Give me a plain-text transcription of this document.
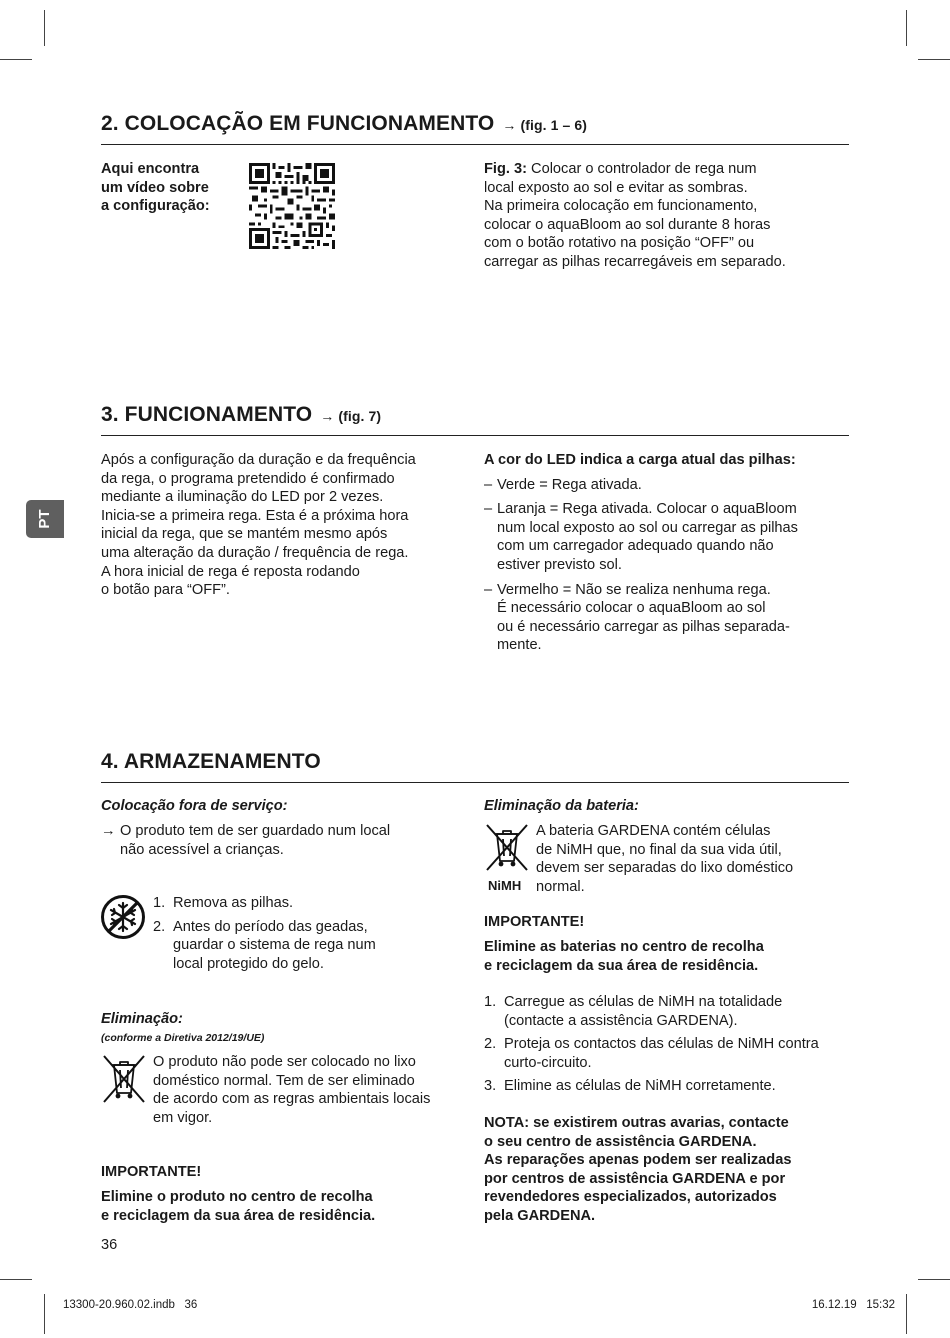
PT
2. COLOCAÇÃO EM FUNCIONAMENTO → (fig. 1 – 6)
Aqui encontra
um vídeo sobre
a configuração:
Fig. 3: Colocar o controlador de rega num
local exposto ao sol e evitar as sombras.
Na primeira colocação em funcionamento,
colocar o aquaBloom ao sol durante 8 horas
com o botão rotativo na posição “OFF” ou
carregar as pilhas recarregáveis em separado.
3. FUNCIONAMENTO → (fig. 7)
Após a configuração da duração e da frequência
da rega, o programa pretendido é confirmado
mediante a iluminação do LED por 2 vezes.
Inicia-se a primeira rega. Esta é a próxima hora
inicial da rega, que se mantém mesmo após
uma alteração da duração / frequência de rega.
A hora inicial de rega é reposta rodando
o botão para “OFF”.
A cor do LED indica a carga atual das pilhas:
– Verde = Rega ativada.
– Laranja = Rega ativada. Colocar o aquaBloom
num local exposto ao sol ou carregar as pilhas
com um carregador adequado quando não
estiver previsto sol.
– Vermelho = Não se realiza nenhuma rega.
É necessário colocar o aquaBloom ao sol
ou é necessário carregar as pilhas separada-
mente.
4. ARMAZENAMENTO
Colocação fora de serviço:
→ O produto tem de ser guardado num local
não acessível a crianças.
1. Remova as pilhas.
2. Antes do período das geadas,
guardar o sistema de rega num
local protegido do gelo.
Eliminação:
(conforme a Diretiva 2012/19/UE)
O produto não pode ser colocado no lixo
doméstico normal. Tem de ser eliminado
de acordo com as regras ambientais locais
em vigor.
IMPORTANTE!
Elimine o produto no centro de recolha
e reciclagem da sua área de residência.
Eliminação da bateria:
NiMH
A bateria GARDENA contém células
de NiMH que, no final da sua vida útil,
devem ser separadas do lixo doméstico
normal.
IMPORTANTE!
Elimine as baterias no centro de recolha
e reciclagem da sua área de residência.
1. Carregue as células de NiMH na totalidade
(contacte a assistência GARDENA).
2. Proteja os contactos das células de NiMH contra
curto-circuito.
3. Elimine as células de NiMH corretamente.
NOTA: se existirem outras avarias, contacte
o seu centro de assistência GARDENA.
As reparações apenas podem ser realizadas
por centros de assistência GARDENA e por
revendedores especializados, autorizados
pela GARDENA.
36
13300-20.960.02.indb   36	16.12.19   15:32
